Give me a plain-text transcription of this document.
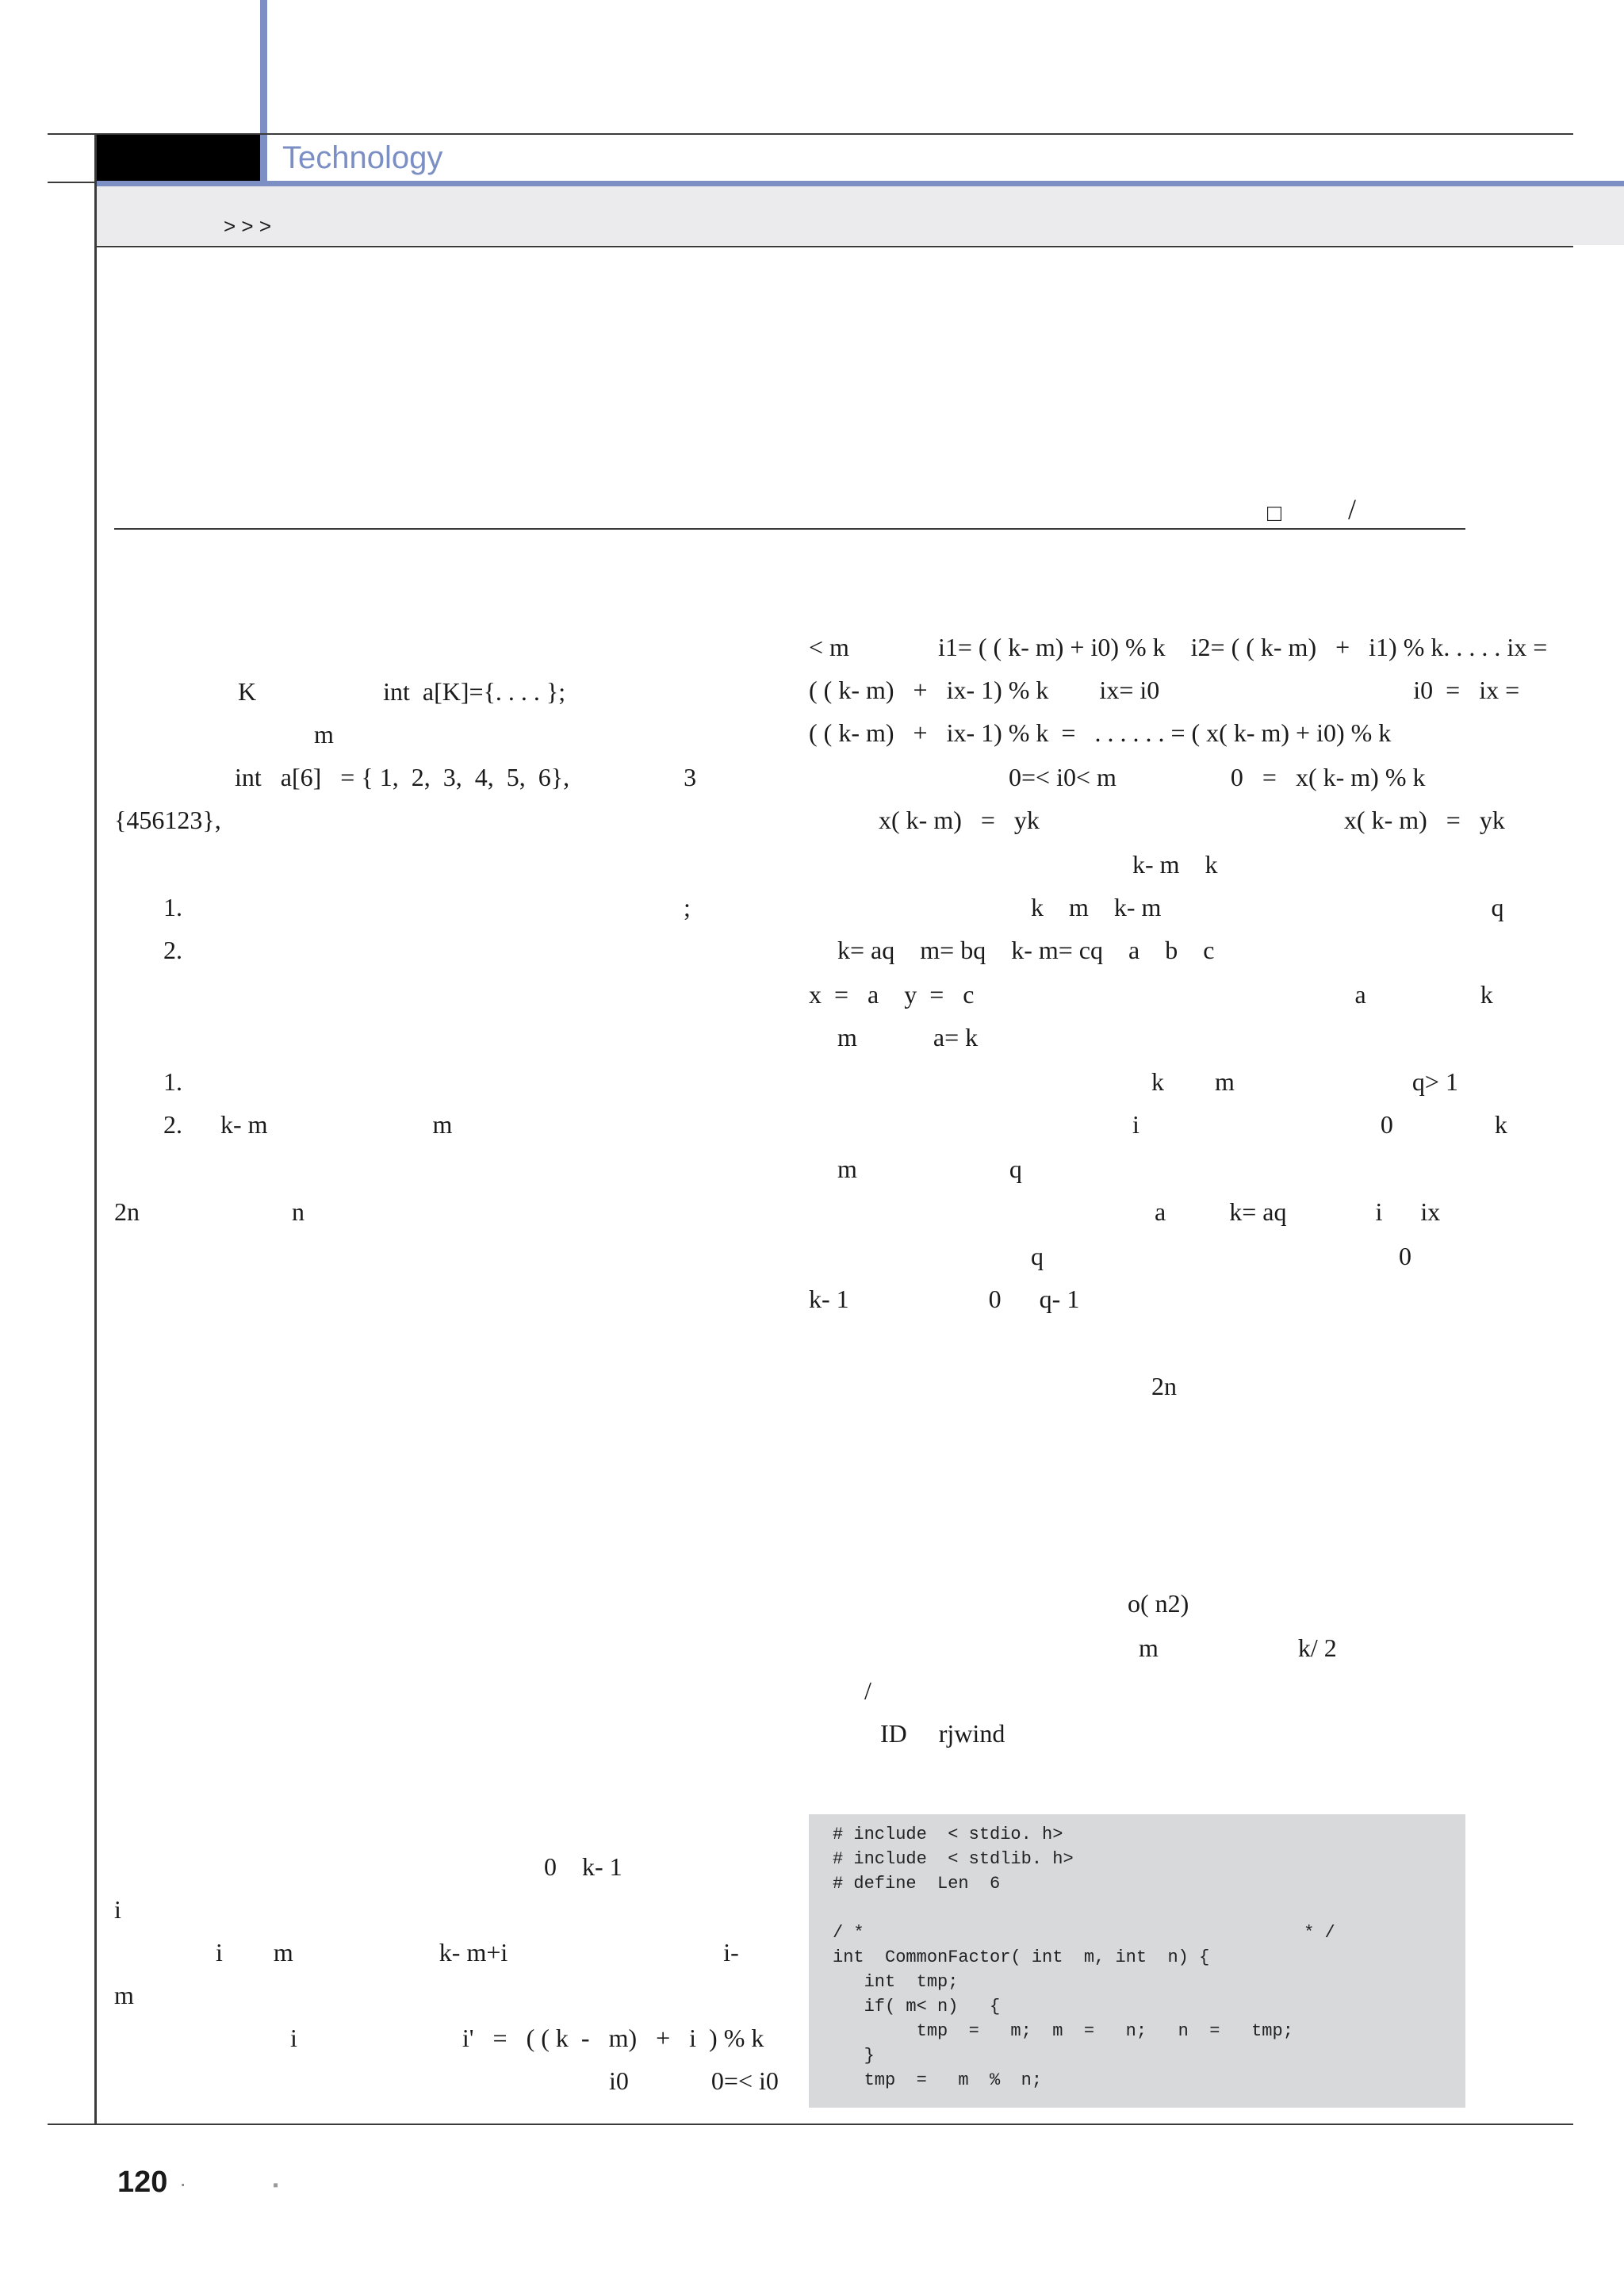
Technology
> > >
□ /
K                    int  a[K]={. . . . };
m
int   a[6]   = { 1,  2,  3,  4,  5,  6},                  3
{456123},
1.                                                                               ;
2.
1.
2.      k- m                          m
2n                        n
0    k- 1
i
i        m                       k- m+i                                  i-
m
i                          i'   =   ( ( k  -   m)   +   i  ) % k
i0             0=< i0
< m              i1= ( ( k- m) + i0) % k    i2= ( ( k- m)   +   i1) % k. . . . . ix =
( ( k- m)   +   ix- 1) % k        ix= i0                                        i0  =   ix =
( ( k- m)   +   ix- 1) % k  =   . . . . . . = ( x( k- m) + i0) % k
0=< i0< m                  0   =   x( k- m) % k
x( k- m)   =   yk                                                x( k- m)   =   yk
k- m    k
k    m    k- m                                                    q
k= aq    m= bq    k- m= cq    a    b    c
x  =   a    y  =   c                                                            a                  k
m            a= k
k        m                            q> 1
i                                      0                k
m                        q
a          k= aq              i      ix
q                                                        0
k- 1                      0      q- 1
2n
o( n2)
m                      k/ 2
/
ID     rjwind
# include  < stdio. h>
# include  < stdlib. h>
# define  Len  6
/ *                                          * /
int  CommonFactor( int  m, int  n) {
int  tmp;
if( m< n)   {
tmp  =   m;  m  =   n;   n  =   tmp;
}
tmp  =   m  %  n;
120 ·	▪
